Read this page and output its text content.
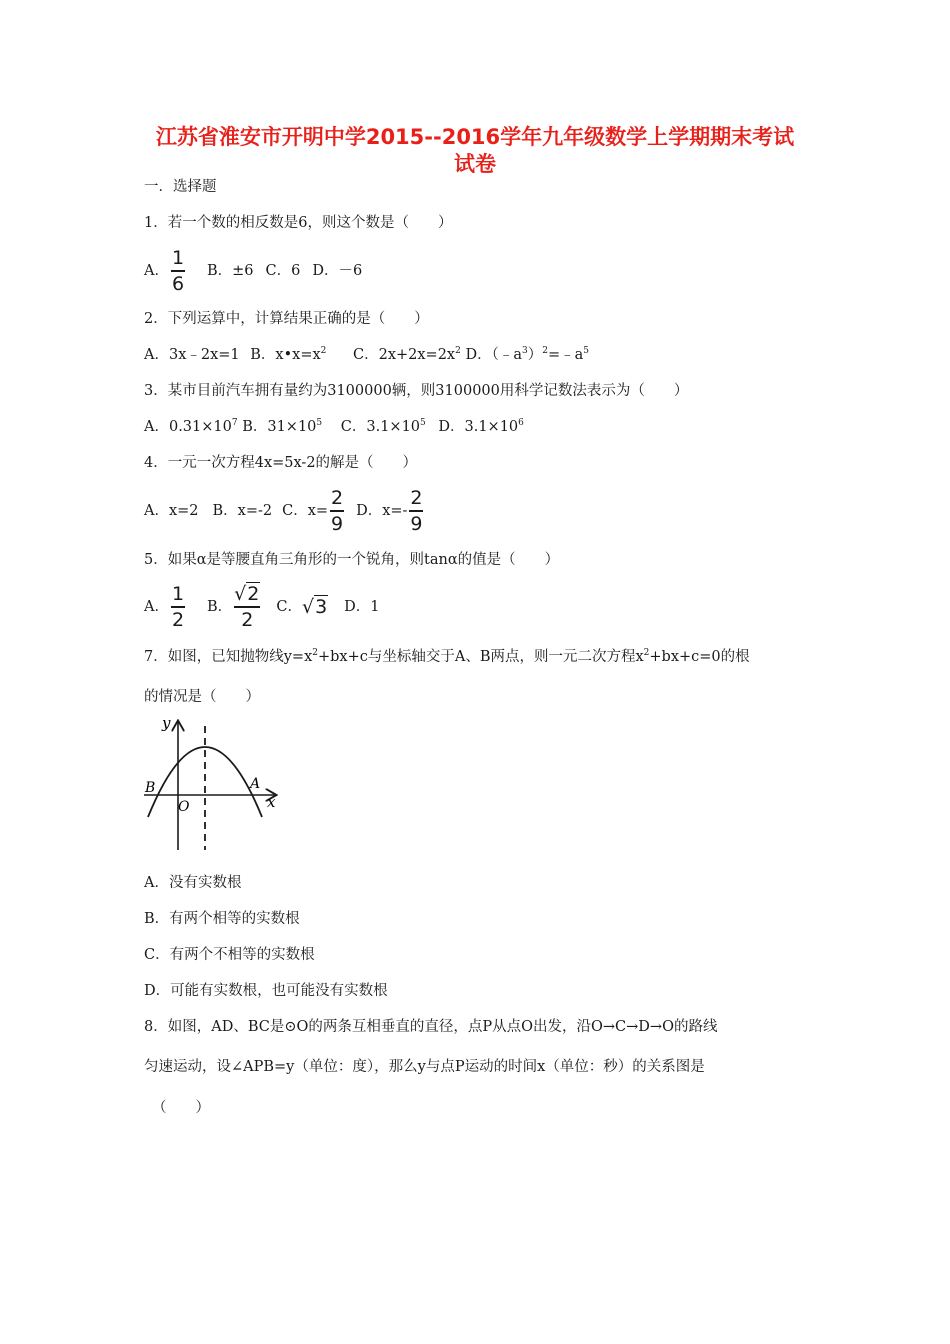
江苏省淮安市开明中学2015--2016学年九年级数学上学期期末考试
试卷
一．选择题
1．若一个数的相反数是6，则这个数是（　　）
A． $\frac{1}{6}$ B．±6 C．6 D．－6
2．下列运算中，计算结果正确的是（　　）
A．3x﹣2x=1 B．$x•x=x^2$ C．$2x+2x=2x^2$ D．$(﹣a^3)^2=﹣a^5$
3．某市目前汽车拥有量约为3100000辆，则3100000用科学记数法表示为（　　）
A．$0.31\times 10^7$ B．$31\times 10^5$ C．$3.1\times 10^5$ D．$3.1\times 10^6$
4．一元一次方程4x=5x-2的解是（　　）
A．x=2 B．x=-2 C．$x= \frac{2}{9}$ D．$x=- \frac{2}{9}$
5．如果α是等腰直角三角形的一个锐角，则tanα的值是（　　）
A． $\frac{1}{2}$ B． $\frac{√2}{2}$ C． √3 D．1
7．如图，已知抛物线$y=x^2+bx+c$与坐标轴交于A、B两点，则一元二次方程$x^2+bx+c=0$的根
的情况是（　　）
y
x
O
B	A
A．没有实数根
B．有两个相等的实数根
C．有两个不相等的实数根
D．可能有实数根，也可能没有实数根
8．如图，AD、BC是⊙O的两条互相垂直的直径，点P从点O出发，沿O→C→D→O的路线
匀速运动，设∠APB=y（单位：度），那么y与点P运动的时间x（单位：秒）的关系图是
（　　）
